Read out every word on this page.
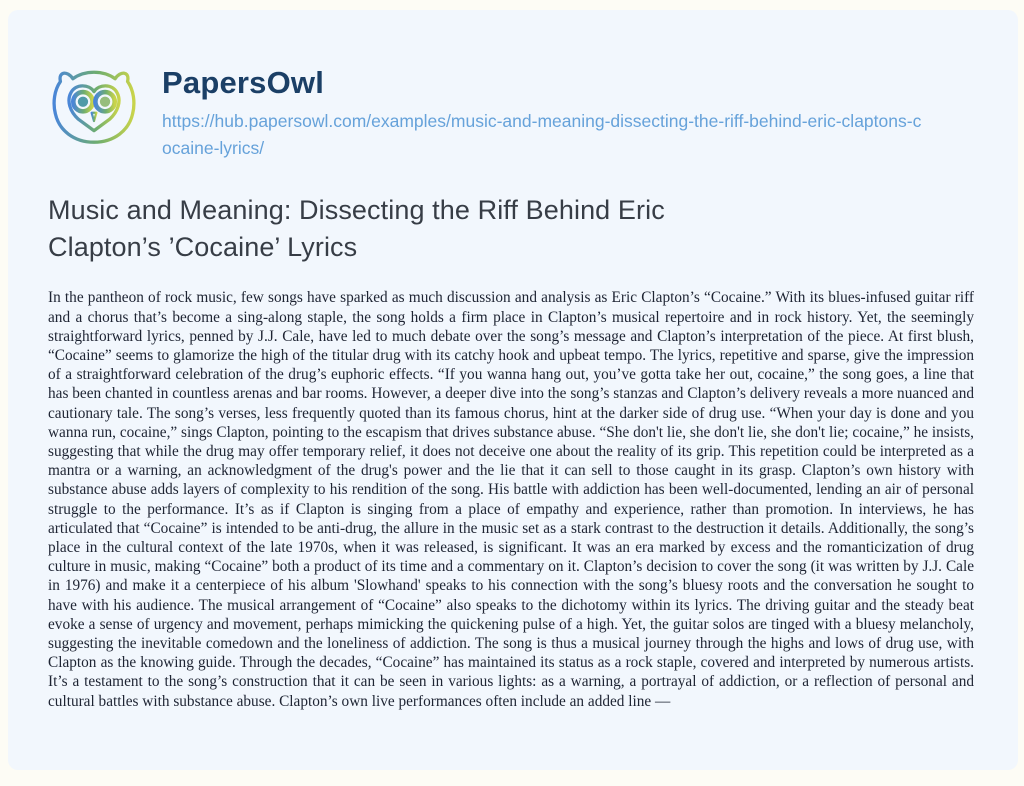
PapersOwl
https://hub.papersowl.com/examples/music-and-meaning-dissecting-the-riff-behind-eric-claptons-cocaine-lyrics/
Music and Meaning: Dissecting the Riff Behind Eric Clapton’s ’Cocaine’ Lyrics

In the pantheon of rock music, few songs have sparked as much discussion and analysis as Eric Clapton’s “Cocaine.” With its blues-infused guitar riff and a chorus that’s become a sing-along staple, the song holds a firm place in Clapton’s musical repertoire and in rock history. Yet, the seemingly straightforward lyrics, penned by J.J. Cale, have led to much debate over the song’s message and Clapton’s interpretation of the piece. At first blush, “Cocaine” seems to glamorize the high of the titular drug with its catchy hook and upbeat tempo. The lyrics, repetitive and sparse, give the impression of a straightforward celebration of the drug’s euphoric effects. “If you wanna hang out, you’ve gotta take her out, cocaine,” the song goes, a line that has been chanted in countless arenas and bar rooms. However, a deeper dive into the song’s stanzas and Clapton’s delivery reveals a more nuanced and cautionary tale. The song’s verses, less frequently quoted than its famous chorus, hint at the darker side of drug use. “When your day is done and you wanna run, cocaine,” sings Clapton, pointing to the escapism that drives substance abuse. “She don't lie, she don't lie, she don't lie; cocaine,” he insists, suggesting that while the drug may offer temporary relief, it does not deceive one about the reality of its grip. This repetition could be interpreted as a mantra or a warning, an acknowledgment of the drug's power and the lie that it can sell to those caught in its grasp. Clapton’s own history with substance abuse adds layers of complexity to his rendition of the song. His battle with addiction has been well-documented, lending an air of personal struggle to the performance. It’s as if Clapton is singing from a place of empathy and experience, rather than promotion. In interviews, he has articulated that “Cocaine” is intended to be anti-drug, the allure in the music set as a stark contrast to the destruction it details. Additionally, the song’s place in the cultural context of the late 1970s, when it was released, is significant. It was an era marked by excess and the romanticization of drug culture in music, making “Cocaine” both a product of its time and a commentary on it. Clapton’s decision to cover the song (it was written by J.J. Cale in 1976) and make it a centerpiece of his album 'Slowhand' speaks to his connection with the song’s bluesy roots and the conversation he sought to have with his audience. The musical arrangement of “Cocaine” also speaks to the dichotomy within its lyrics. The driving guitar and the steady beat evoke a sense of urgency and movement, perhaps mimicking the quickening pulse of a high. Yet, the guitar solos are tinged with a bluesy melancholy, suggesting the inevitable comedown and the loneliness of addiction. The song is thus a musical journey through the highs and lows of drug use, with Clapton as the knowing guide. Through the decades, “Cocaine” has maintained its status as a rock staple, covered and interpreted by numerous artists. It’s a testament to the song’s construction that it can be seen in various lights: as a warning, a portrayal of addiction, or a reflection of personal and cultural battles with substance abuse. Clapton’s own live performances often include an added line —
